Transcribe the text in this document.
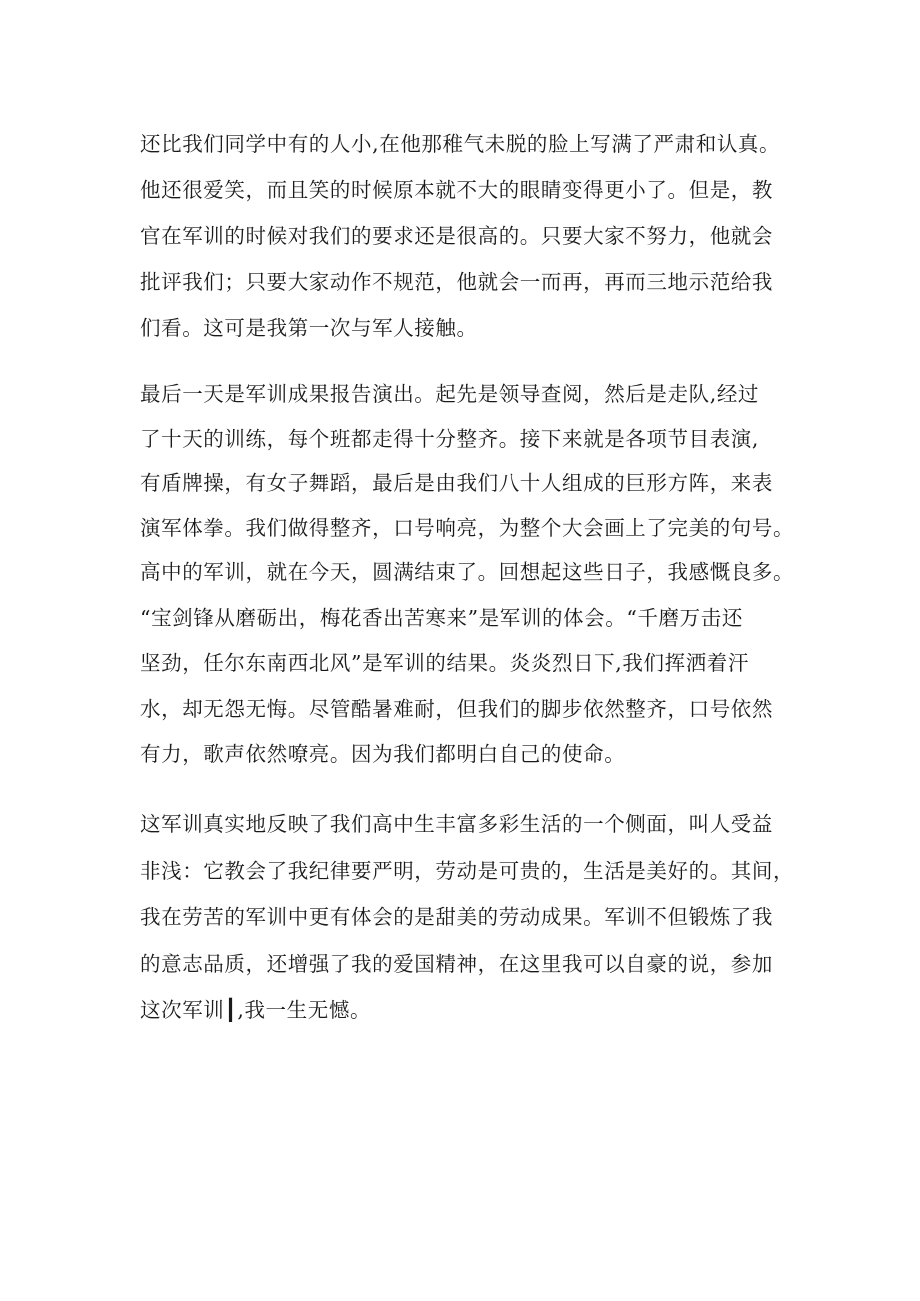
还比我们同学中有的人小,在他那稚气未脱的脸上写满了严肃和认真。
他还很爱笑，而且笑的时候原本就不大的眼睛变得更小了。但是，教
官在军训的时候对我们的要求还是很高的。只要大家不努力，他就会
批评我们；只要大家动作不规范，他就会一而再，再而三地示范给我
们看。这可是我第一次与军人接触。
最后一天是军训成果报告演出。起先是领导查阅，然后是走队,经过
了十天的训练，每个班都走得十分整齐。接下来就是各项节目表演,
有盾牌操，有女子舞蹈，最后是由我们八十人组成的巨形方阵，来表
演军体拳。我们做得整齐，口号响亮，为整个大会画上了完美的句号。
高中的军训，就在今天，圆满结束了。回想起这些日子，我感慨良多。
“宝剑锋从磨砺出，梅花香出苦寒来”是军训的体会。“千磨万击还
坚劲，任尔东南西北风”是军训的结果。炎炎烈日下,我们挥洒着汗
水，却无怨无悔。尽管酷暑难耐，但我们的脚步依然整齐，口号依然
有力，歌声依然嘹亮。因为我们都明白自己的使命。
这军训真实地反映了我们高中生丰富多彩生活的一个侧面，叫人受益
非浅：它教会了我纪律要严明，劳动是可贵的，生活是美好的。其间，
我在劳苦的军训中更有体会的是甜美的劳动成果。军训不但锻炼了我
的意志品质，还增强了我的爱国精神，在这里我可以自豪的说，参加
这次军训┃,我一生无憾。
